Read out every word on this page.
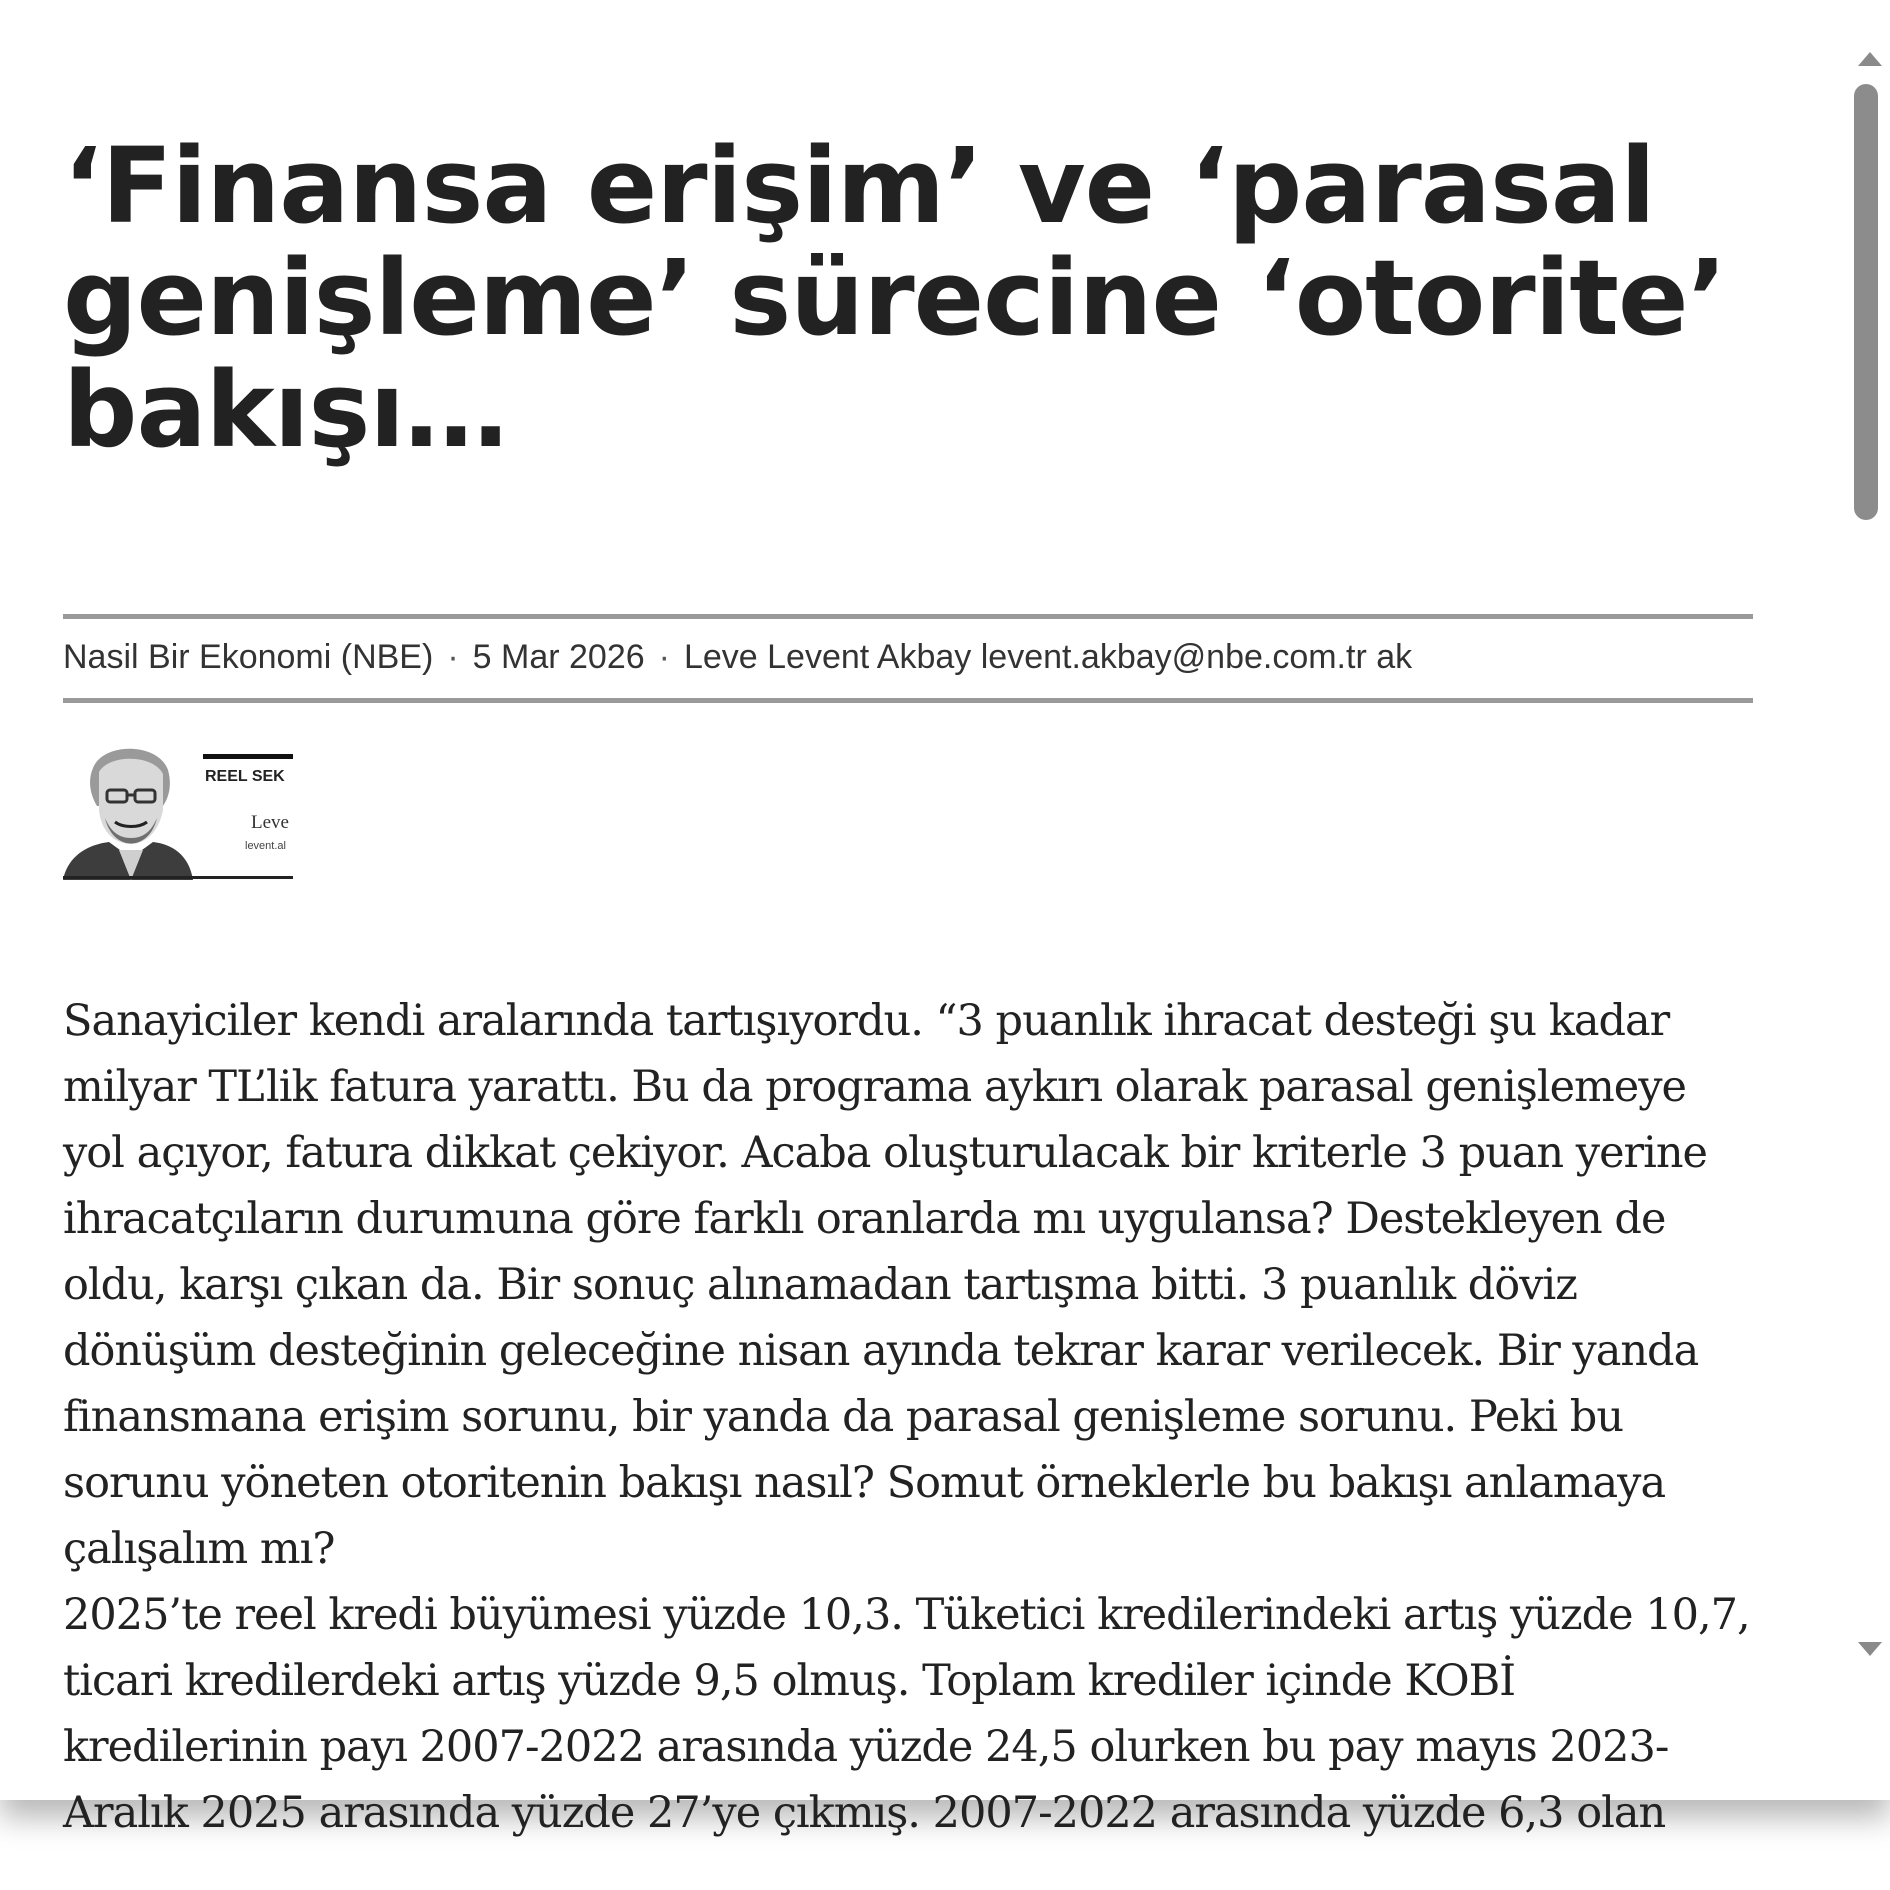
‘Finansa erişim’ ve ‘parasal genişleme’ sürecine ‘otorite’ bakışı…
Nasil Bir Ekonomi (NBE) · 5 Mar 2026 · Leve Levent Akbay levent.akbay@nbe.com.tr ak
REEL SEK
Leve
levent.al

Sanayiciler kendi aralarında tartışıyordu. “3 puanlık ihracat desteği şu kadar milyar TL’lik fatura yarattı. Bu da programa aykırı olarak parasal genişlemeye yol açıyor, fatura dikkat çekiyor. Acaba oluşturulacak bir kriterle 3 puan yerine ihracatçıların durumuna göre farklı oranlarda mı uygulansa? Destekleyen de oldu, karşı çıkan da. Bir sonuç alınamadan tartışma bitti. 3 puanlık döviz dönüşüm desteğinin geleceğine nisan ayında tekrar karar verilecek. Bir yanda finansmana erişim sorunu, bir yanda da parasal genişleme sorunu. Peki bu sorunu yöneten otoritenin bakışı nasıl? Somut örneklerle bu bakışı anlamaya çalışalım mı?

2025’te reel kredi büyümesi yüzde 10,3. Tüketici kredilerindeki artış yüzde 10,7, ticari kredilerdeki artış yüzde 9,5 olmuş. Toplam krediler içinde KOBİ kredilerinin payı 2007-2022 arasında yüzde 24,5 olurken bu pay mayıs 2023-Aralık 2025 arasında yüzde 27’ye çıkmış. 2007-2022 arasında yüzde 6,3 olan
